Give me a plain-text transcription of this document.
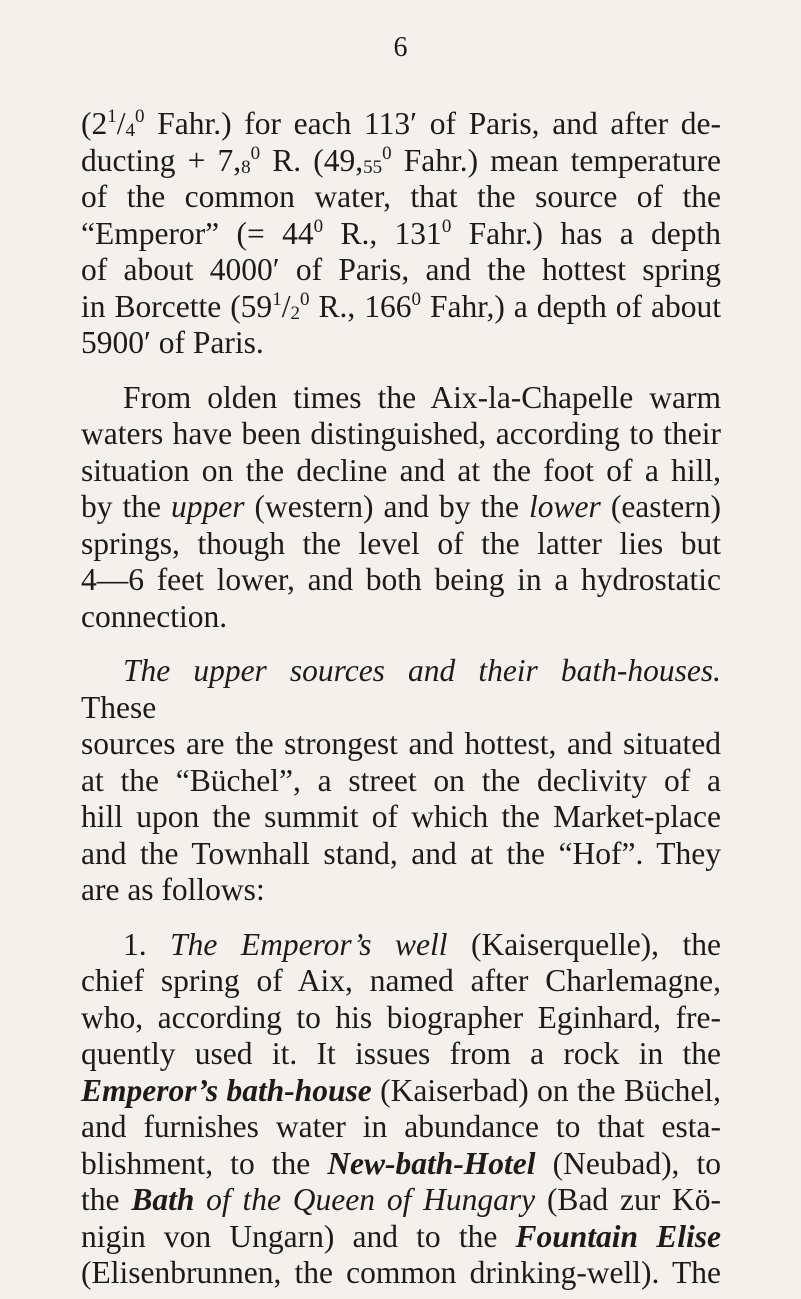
6

($2^1/_4^0$ Fahr.) for each 113′ of Paris, and after de-

ducting + $7,_8^0$ R. ($49,_{55}^0$ Fahr.) mean temperature

of the common water, that the source of the

“Emperor” (= $44^0$ R., $131^0$ Fahr.) has a depth

of about 4000′ of Paris, and the hottest spring

in Borcette ($59^1/_2^0$ R., $166^0$ Fahr,) a depth of about

5900′ of Paris.

From olden times the Aix-la-Chapelle warm

waters have been distinguished, according to their

situation on the decline and at the foot of a hill,

by the upper (western) and by the lower (eastern)

springs, though the level of the latter lies but

4—6 feet lower, and both being in a hydrostatic

connection.

The upper sources and their bath-houses. These

sources are the strongest and hottest, and situated

at the “Büchel”, a street on the declivity of a

hill upon the summit of which the Market-place

and the Townhall stand, and at the “Hof”. They

are as follows:

1. The Emperor’s well (Kaiserquelle), the

chief spring of Aix, named after Charlemagne,

who, according to his biographer Eginhard, fre-

quently used it. It issues from a rock in the

Emperor’s bath-house (Kaiserbad) on the Büchel,

and furnishes water in abundance to that esta-

blishment, to the New-bath-Hotel (Neubad), to

the Bath of the Queen of Hungary (Bad zur Kö-

nigin von Ungarn) and to the Fountain Elise

(Elisenbrunnen, the common drinking-well). The
